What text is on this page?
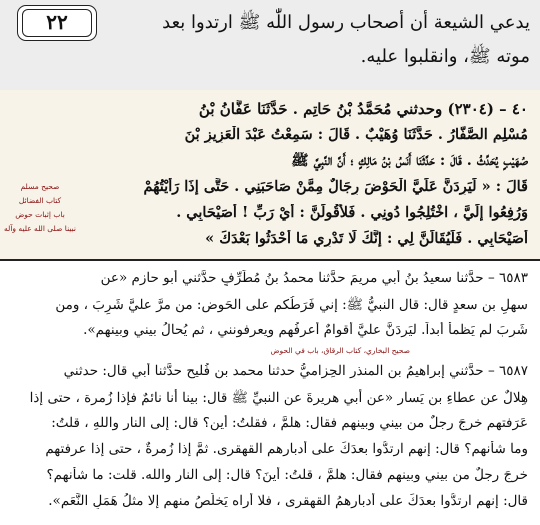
٢٢	يدعي الشيعة أن أصحاب رسول اللّٰه ﷺ ارتدوا بعد
موته ﷺ، وانقلبوا عليه.
٤٠ – (٢٣٠٤) وحدثني مُحَمَّدُ بْنُ حَاتِمٍ . حَدَّثَنَا عَفَّانُ بْنُ
مُسْلِمٍ الصَّفَّارُ . حَدَّثَنَا وُهَيْبٌ . قَالَ : سَمِعْتُ عَبْدَ الْعَزِيزِ بْنَ
صُهَيْبٍ يُحَدِّثُ . قَالَ : حَدَّثَنَا أَنَسُ بْنُ مَالِكٍ ؛ أَنَّ النَّبِيَّ ﷺ
قَالَ : « لَيَرِدَنَّ عَلَيَّ الْحَوْضَ رِجَالٌ مِمَّنْ صَاحَبَنِي . حَتَّى إِذَا رَأَيْتُهُمْ
وَرُفِعُوا إِلَيَّ ، اخْتُلِجُوا دُونِي . فَلأَقُولَنَّ : أَيْ رَبِّ ! أُصَيْحَابِي .
أُصَيْحَابِي . فَلَيُقَالَنَّ لِي : إِنَّكَ لَا تَدْرِي مَا أَحْدَثُوا بَعْدَكَ »
صحيح مسلم
كتاب الفضائل
باب إثبات حوض
نبينا صلى الله عليه وآله
٦٥٨٣ – حدَّثنا سعيدُ بنُ أبي مريمَ حدَّثنا محمدُ بنُ مُطَرِّفٍ حدَّثني أبو حازمٍ «عن
سهلِ بن سعدٍ قال: قال النبيُّ ﷺ: إني فَرَطُكم على الحَوض: من مرَّ عليَّ شَرِبَ ، ومن
شَرِبَ لم يَظمأ أبداً. ليَرِدَنَّ عليَّ أقوامٌ أعرفُهم ويعرفونني ، ثم يُحالُ بيني وبينهم».
صحيح البخاري، كتاب الرقاق، باب في الحوض
٦٥٨٧ – حدَّثني إبراهيمُ بن المنذرِ الحِزاميُّ حدثنا محمد بن فُليحٍ حدَّثنا أبي قال: حدثني
هِلالٌ عن عطاءِ بن يَسار «عن أبي هريرةَ عن النبيِّ ﷺ قال: بينا أنا نائمٌ فإذا زُمرة ، حتى إذا
عَرَفتهم خرجَ رجلٌ من بيني وبينهم فقال: هلمَّ ، فقلتُ: أين؟ قال: إلى النار واللهِ ، قلتُ:
وما شأنهم؟ قال: إنهم ارتدُّوا بعدَكَ على أدبارهم القهقرى. ثمَّ إذا زُمرةٌ ، حتى إذا عرفتهم
خرجَ رجلٌ من بيني وبينهم فقال: هلمَّ ، قلتُ: أينَ؟ قال: إلى النار والله. قلت: ما شأنهم؟
قال: إنهم ارتدُّوا بعدَكَ على أدبارهمُ القهقرى ، فلا أُراه يَخلُصُ منهم إلا مثلُ هَمَلِ النَّعَم».
